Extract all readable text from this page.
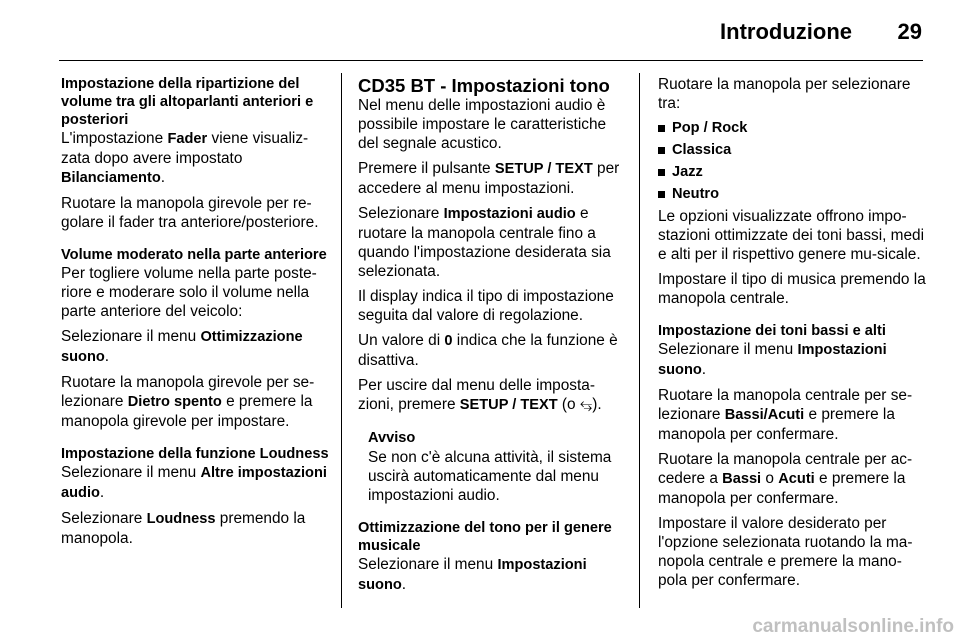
Introduzione 29

Impostazione della ripartizione del volume tra gli altoparlanti anteriori e posteriori

L'impostazione Fader viene visualiz-zata dopo avere impostato Bilanciamento.

Ruotare la manopola girevole per re-golare il fader tra anteriore/posteriore.

Volume moderato nella parte anteriore

Per togliere volume nella parte poste-riore e moderare solo il volume nella parte anteriore del veicolo:

Selezionare il menu Ottimizzazione suono.

Ruotare la manopola girevole per se-lezionare Dietro spento e premere la manopola girevole per impostare.

Impostazione della funzione Loudness

Selezionare il menu Altre impostazioni audio.

Selezionare Loudness premendo la manopola.

CD35 BT - Impostazioni tono

Nel menu delle impostazioni audio è possibile impostare le caratteristiche del segnale acustico.

Premere il pulsante SETUP / TEXT per accedere al menu impostazioni.

Selezionare Impostazioni audio e ruotare la manopola centrale fino a quando l'impostazione desiderata sia selezionata.

Il display indica il tipo di impostazione seguita dal valore di regolazione.

Un valore di 0 indica che la funzione è disattiva.

Per uscire dal menu delle imposta-zioni, premere SETUP / TEXT (o ⥃).

Avviso

Se non c'è alcuna attività, il sistema uscirà automaticamente dal menu impostazioni audio.

Ottimizzazione del tono per il genere musicale

Selezionare il menu Impostazioni suono.

Ruotare la manopola per selezionare tra:

Pop / Rock
Classica
Jazz
Neutro

Le opzioni visualizzate offrono impo-stazioni ottimizzate dei toni bassi, medi e alti per il rispettivo genere mu-sicale.

Impostare il tipo di musica premendo la manopola centrale.

Impostazione dei toni bassi e alti

Selezionare il menu Impostazioni suono.

Ruotare la manopola centrale per se-lezionare Bassi/Acuti e premere la manopola per confermare.

Ruotare la manopola centrale per ac-cedere a Bassi o Acuti e premere la manopola per confermare.

Impostare il valore desiderato per l'opzione selezionata ruotando la ma-nopola centrale e premere la mano-pola per confermare.

carmanualsonline.info
